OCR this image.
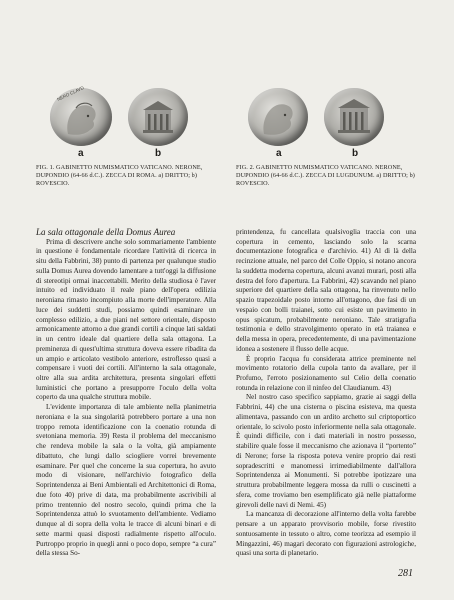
NERO CLAVD
a	b
FIG. 1. GABINETTO NUMISMATICO VATICANO. NERONE, DUPONDIO (64-66 d.C.). ZECCA DI ROMA. a) DRITTO; b) ROVESCIO.
a	b
FIG. 2. GABINETTO NUMISMATICO VATICANO. NERONE, DUPONDIO (64-66 d.C.). ZECCA DI LUGDUNUM. a) DRITTO; b) ROVESCIO.

La sala ottagonale della Domus Aurea

Prima di descrivere anche solo sommariamente l'ambiente in questione è fondamentale ricordare l'attività di ricerca in situ della Fabbrini, 38) punto di partenza per qualunque studio sulla Domus Aurea dovendo lamentare a tutt'oggi la diffusione di stereotipi ormai inaccettabili. Merito della studiosa è l'aver intuito ed individuato il reale piano dell'opera edilizia neroniana rimasto incompiuto alla morte dell'imperatore. Alla luce dei suddetti studi, possiamo quindi esaminare un complesso edilizio, a due piani nel settore orientale, disposto armonicamente attorno a due grandi cortili a cinque lati saldati in un centro ideale dal quartiere della sala ottagona. La preminenza di quest'ultima struttura doveva essere ribadita da un ampio e articolato vestibolo anteriore, estroflesso quasi a compensare i vuoti dei cortili. All'interno la sala ottagonale, oltre alla sua ardita architettura, presenta singolari effetti luministici che portano a presupporre l'oculo della volta coperto da una qualche struttura mobile.

L'evidente importanza di tale ambiente nella planimetria neroniana e la sua singolarità potrebbero portare a una non troppo remota identificazione con la coenatio rotunda di svetoniana memoria. 39) Resta il problema del meccanismo che rendeva mobile la sala o la volta, già ampiamente dibattuto, che lungi dallo sciogliere vorrei brevemente esaminare. Per quel che concerne la sua copertura, ho avuto modo di visionare, nell'archivio fotografico della Soprintendenza ai Beni Ambientali ed Architettonici di Roma, due foto 40) prive di data, ma probabilmente ascrivibili al primo trentennio del nostro secolo, quindi prima che la Soprintendenza attuò lo svuotamento dell'ambiente. Vediamo dunque al di sopra della volta le tracce di alcuni binari e di sette marmi quasi disposti radialmente rispetto all'oculo. Purtroppo proprio in quegli anni o poco dopo, sempre “a cura” della stessa So-

printendenza, fu cancellata qualsivoglia traccia con una copertura in cemento, lasciando solo la scarna documentazione fotografica e d'archivio. 41) Al di là della recinzione attuale, nel parco del Colle Oppio, si notano ancora la suddetta moderna copertura, alcuni avanzi murari, posti alla destra del foro d'apertura. La Fabbrini, 42) scavando nel piano superiore del quartiere della sala ottagona, ha rinvenuto nello spazio trapezoidale posto intorno all'ottagono, due fasi di un vespaio con bolli traianei, sotto cui esiste un pavimento in opus spicatum, probabilmente neroniano. Tale stratigrafia testimonia e dello stravolgimento operato in età traianea e della messa in opera, precedentemente, di una pavimentazione idonea a sostenere il flusso delle acque.

È proprio l'acqua fu considerata attrice preminente nel movimento rotatorio della cupola tanto da avallare, per il Profumo, l'erroto posizionamento sul Celio della coenatio rotunda in relazione con il ninfeo del Claudianum. 43)

Nel nostro caso specifico sappiamo, grazie ai saggi della Fabbrini, 44) che una cisterna o piscina esisteva, ma questa alimentava, passando con un ardito archetto sul criptoportico orientale, lo scivolo posto inferiormente nella sala ottagonale. È quindi difficile, con i dati materiali in nostro possesso, stabilire quale fosse il meccanismo che azionava il “portento” di Nerone; forse la risposta poteva venire proprio dai resti sopradescritti e manomessi irrimediabilmente dall'allora Soprintendenza ai Monumenti. Si potrebbe ipotizzare una struttura probabilmente leggera mossa da rulli o cuscinetti a sfera, come troviamo ben esemplificato già nelle piattaforme girevoli delle navi di Nemi. 45)

La mancanza di decorazione all'interno della volta farebbe pensare a un apparato provvisorio mobile, forse rivestito sontuosamente in tessuto o altro, come teorizza ad esempio il Mingazzini, 46) magari decorato con figurazioni astrologiche, quasi una sorta di planetario.

281
